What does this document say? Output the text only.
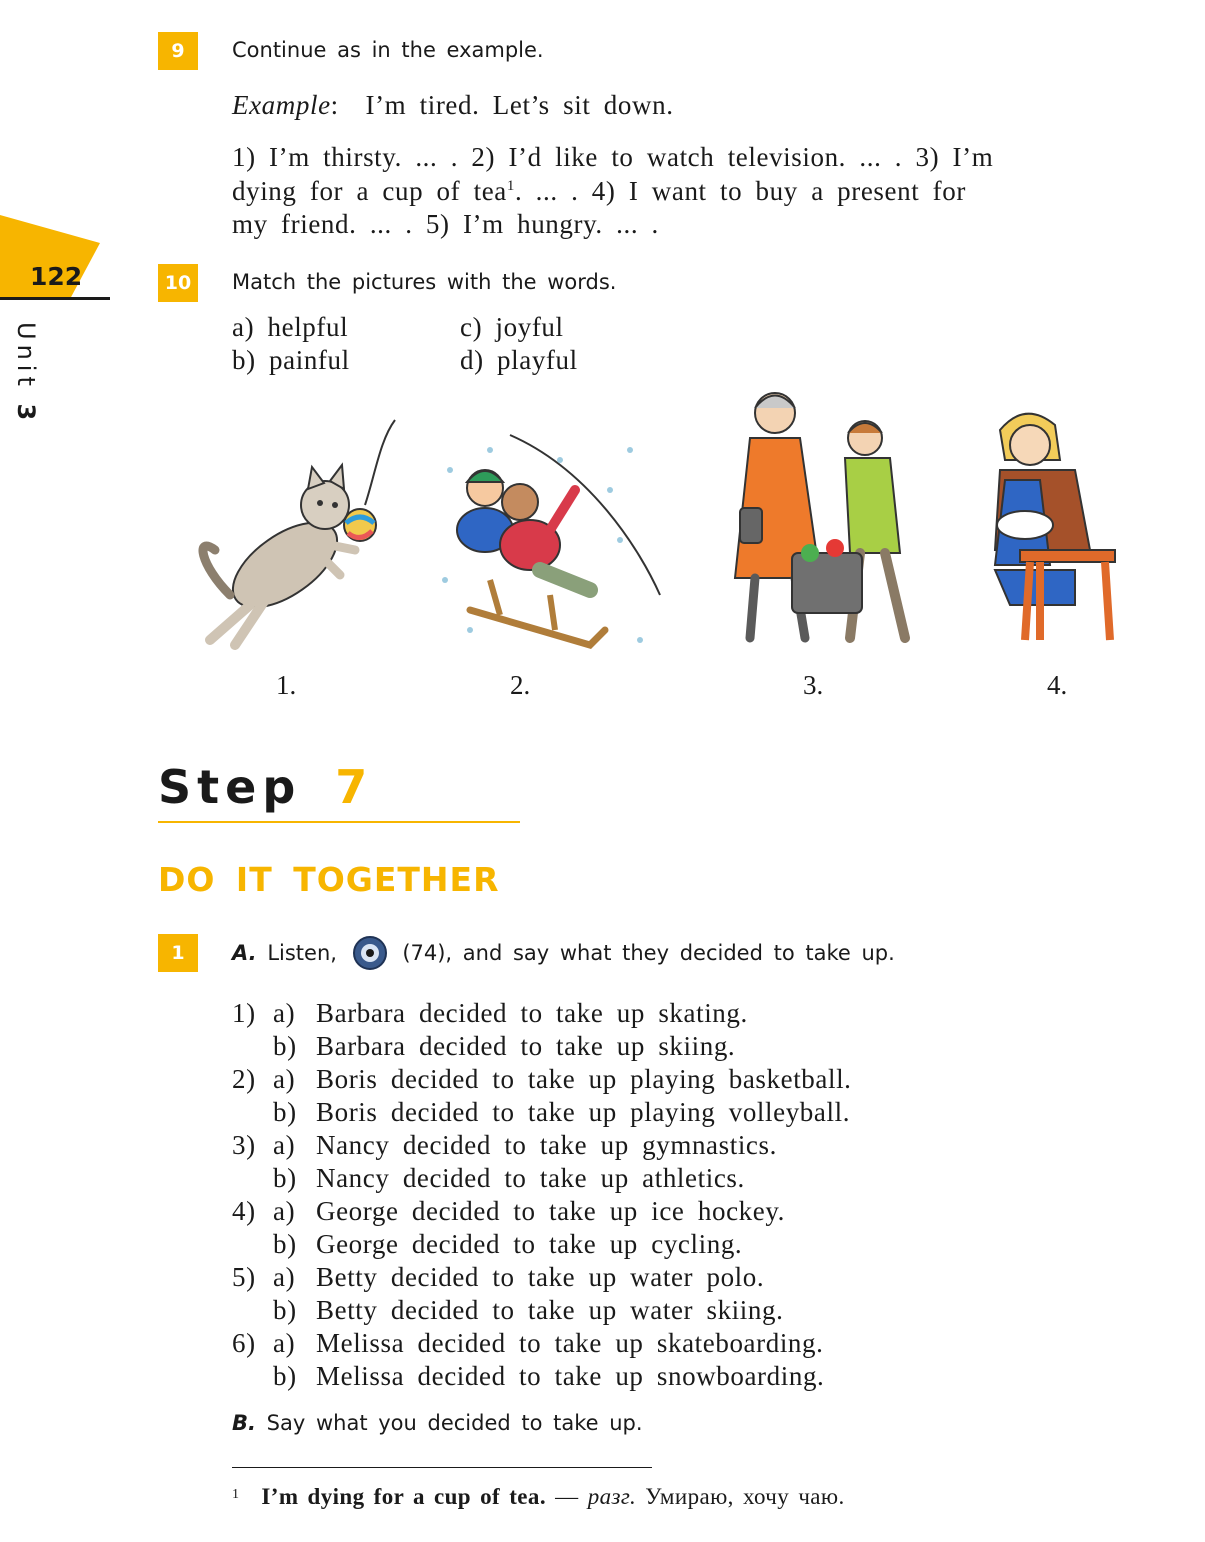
122
Unit 3
9	Continue as in the example.
Example:  I’m tired. Let’s sit down.
1) I’m thirsty. ... . 2) I’d like to watch television. ... . 3) I’m
dying for a cup of tea$^1$. ... . 4) I want to buy a present for
my friend. ... . 5) I’m hungry. ... .
10	Match the pictures with the words.
a) helpful
b) painful
c) joyful
d) playful
1.	2.	3.	4.
Step 7
DO IT TOGETHER
1	A.
Listen,

	(74), and say what they decided to take up.
1) a) Barbara decided to take up skating.
b) Barbara decided to take up skiing.
2) a) Boris decided to take up playing basketball.
b) Boris decided to take up playing volleyball.
3) a) Nancy decided to take up gymnastics.
b) Nancy decided to take up athletics.
4) a) George decided to take up ice hockey.
b) George decided to take up cycling.
5) a) Betty decided to take up water polo.
b) Betty decided to take up water skiing.
6) a) Melissa decided to take up skateboarding.
b) Melissa decided to take up snowboarding.
B. Say what you decided to take up.
$^1$ I’m dying for a cup of tea. — разг. Умираю, хочу чаю.
